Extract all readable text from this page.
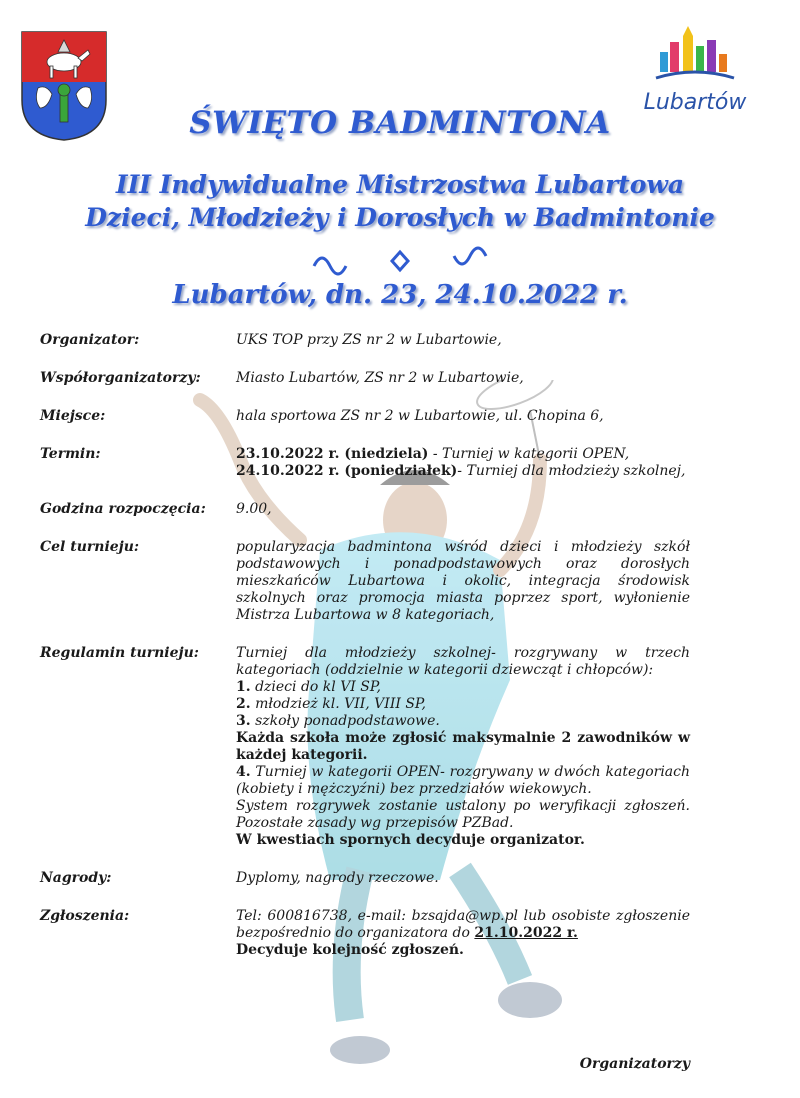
Lubartów
ŚWIĘTO BADMINTONA
III Indywidualne Mistrzostwa Lubartowa
Dzieci, Młodzieży i Dorosłych w Badmintonie
Lubartów, dn. 23, 24.10.2022 r.
Organizator:	UKS TOP przy ZS nr 2 w Lubartowie,
Współorganizatorzy:	Miasto Lubartów, ZS nr 2 w Lubartowie,
Miejsce:	hala sportowa ZS nr 2 w Lubartowie, ul. Chopina 6,
Termin:	23.10.2022 r. (niedziela) - Turniej w kategorii OPEN,
24.10.2022 r. (poniedziałek)- Turniej dla młodzieży szkolnej,
Godzina rozpoczęcia:	9.00,
Cel turnieju:	popularyzacja badmintona wśród dzieci i młodzieży szkół podstawowych i ponadpodstawowych oraz dorosłych mieszkańców Lubartowa i okolic, integracja środowisk szkolnych oraz promocja miasta poprzez sport, wyłonienie Mistrza Lubartowa w 8 kategoriach,
Regulamin turnieju:	Turniej dla młodzieży szkolnej- rozgrywany w trzech kategoriach (oddzielnie w kategorii dziewcząt i chłopców):
1. dzieci do kl VI SP,
2. młodzież kl. VII, VIII SP,
3. szkoły ponadpodstawowe.
Każda szkoła może zgłosić maksymalnie 2 zawodników w każdej kategorii.
4. Turniej w kategorii OPEN- rozgrywany w dwóch kategoriach (kobiety i mężczyźni) bez przedziałów wiekowych.
System rozgrywek zostanie ustalony po weryfikacji zgłoszeń. Pozostałe zasady wg przepisów PZBad.
W kwestiach spornych decyduje organizator.
Nagrody:	Dyplomy, nagrody rzeczowe.
Zgłoszenia:	Tel: 600816738, e-mail: bzsajda@wp.pl lub osobiste zgłoszenie bezpośrednio do organizatora do 21.10.2022 r.
Decyduje kolejność zgłoszeń.
Organizatorzy
